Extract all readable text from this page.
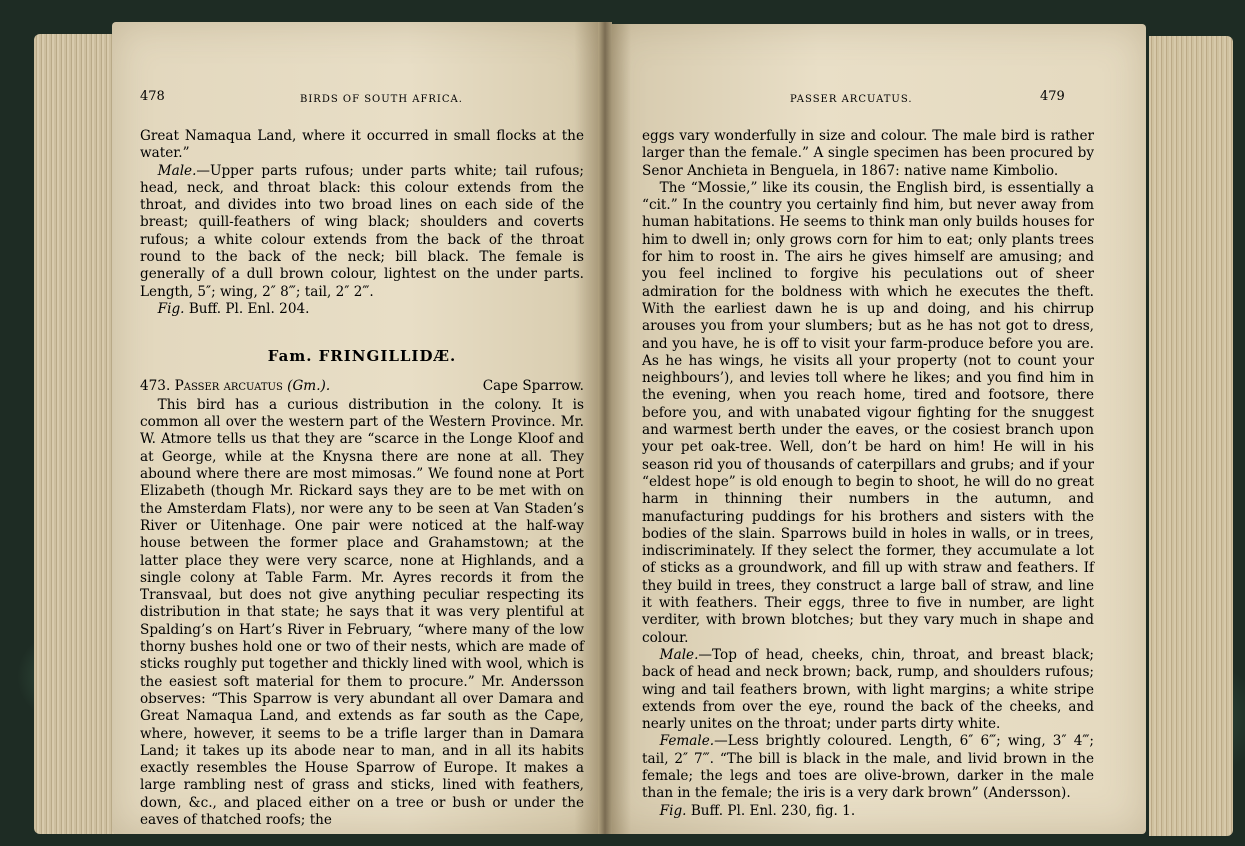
478	BIRDS OF SOUTH AFRICA.	PASSER ARCUATUS.	479

Great Namaqua Land, where it occurred in small flocks at the water.”

Male.—Upper parts rufous; under parts white; tail rufous; head, neck, and throat black: this colour extends from the throat, and divides into two broad lines on each side of the breast; quill-feathers of wing black; shoulders and coverts rufous; a white colour extends from the back of the throat round to the back of the neck; bill black. The female is generally of a dull brown colour, lightest on the under parts. Length, 5″; wing, 2″ 8‴; tail, 2″ 2‴.

Fig. Buff. Pl. Enl. 204.

Fam. FRINGILLIDÆ.
473. Passer arcuatus (Gm.).	Cape Sparrow.

This bird has a curious distribution in the colony. It is common all over the western part of the Western Province. Mr. W. Atmore tells us that they are “scarce in the Longe Kloof and at George, while at the Knysna there are none at all. They abound where there are most mimosas.” We found none at Port Elizabeth (though Mr. Rickard says they are to be met with on the Amsterdam Flats), nor were any to be seen at Van Staden’s River or Uitenhage. One pair were noticed at the half-way house between the former place and Grahamstown; at the latter place they were very scarce, none at Highlands, and a single colony at Table Farm. Mr. Ayres records it from the Transvaal, but does not give anything peculiar respecting its distribution in that state; he says that it was very plentiful at Spalding’s on Hart’s River in February, “where many of the low thorny bushes hold one or two of their nests, which are made of sticks roughly put together and thickly lined with wool, which is the easiest soft material for them to procure.” Mr. Andersson observes: “This Sparrow is very abundant all over Damara and Great Namaqua Land, and extends as far south as the Cape, where, however, it seems to be a trifle larger than in Damara Land; it takes up its abode near to man, and in all its habits exactly resembles the House Sparrow of Europe. It makes a large rambling nest of grass and sticks, lined with feathers, down, &c., and placed either on a tree or bush or under the eaves of thatched roofs; the

eggs vary wonderfully in size and colour. The male bird is rather larger than the female.” A single specimen has been procured by Senor Anchieta in Benguela, in 1867: native name Kimbolio.

The “Mossie,” like its cousin, the English bird, is essentially a “cit.” In the country you certainly find him, but never away from human habitations. He seems to think man only builds houses for him to dwell in; only grows corn for him to eat; only plants trees for him to roost in. The airs he gives himself are amusing; and you feel inclined to forgive his peculations out of sheer admiration for the boldness with which he executes the theft. With the earliest dawn he is up and doing, and his chirrup arouses you from your slumbers; but as he has not got to dress, and you have, he is off to visit your farm-produce before you are. As he has wings, he visits all your property (not to count your neighbours’), and levies toll where he likes; and you find him in the evening, when you reach home, tired and footsore, there before you, and with unabated vigour fighting for the snuggest and warmest berth under the eaves, or the cosiest branch upon your pet oak-tree. Well, don’t be hard on him! He will in his season rid you of thousands of caterpillars and grubs; and if your “eldest hope” is old enough to begin to shoot, he will do no great harm in thinning their numbers in the autumn, and manufacturing puddings for his brothers and sisters with the bodies of the slain. Sparrows build in holes in walls, or in trees, indiscriminately. If they select the former, they accumulate a lot of sticks as a groundwork, and fill up with straw and feathers. If they build in trees, they construct a large ball of straw, and line it with feathers. Their eggs, three to five in number, are light verditer, with brown blotches; but they vary much in shape and colour.

Male.—Top of head, cheeks, chin, throat, and breast black; back of head and neck brown; back, rump, and shoulders rufous; wing and tail feathers brown, with light margins; a white stripe extends from over the eye, round the back of the cheeks, and nearly unites on the throat; under parts dirty white.

Female.—Less brightly coloured. Length, 6″ 6‴; wing, 3″ 4‴; tail, 2″ 7‴. “The bill is black in the male, and livid brown in the female; the legs and toes are olive-brown, darker in the male than in the female; the iris is a very dark brown” (Andersson).

Fig. Buff. Pl. Enl. 230, fig. 1.
